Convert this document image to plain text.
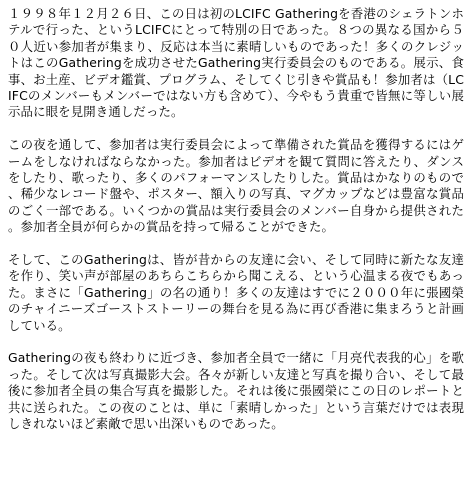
１９９８年１２月２６日、この日は初のLCIFC Gatheringを香港のシェラトンホテルで行った、というLCIFCにとって特別の日であった。８つの異なる国から５０人近い参加者が集まり、反応は本当に素晴しいものであった！多くのクレジットはこのGatheringを成功させたGathering実行委員会のものである。展示、食事、お土産、ビデオ鑑賞、プログラム、そしてくじ引きや賞品も！参加者は（LCIFCのメンバーもメンバーではない方も含めて）、今やもう貴重で皆無に等しい展示品に眼を見開き通しだった。

この夜を通して、参加者は実行委員会によって準備された賞品を獲得するにはゲームをしなければならなかった。参加者はビデオを観て質問に答えたり、ダンスをしたり、歌ったり、多くのパフォーマンスしたりした。賞品はかなりのもので、稀少なレコード盤や、ポスター、額入りの写真、マグカップなどは豊富な賞品のごく一部である。いくつかの賞品は実行委員会のメンバー自身から提供された。参加者全員が何らかの賞品を持って帰ることができた。

そして、このGatheringは、皆が昔からの友達に会い、そして同時に新たな友達を作り、笑い声が部屋のあちらこちらから聞こえる、という心温まる夜でもあった。まさに「Gathering」の名の通り！多くの友達はすでに２０００年に張國榮のチャイニーズゴーストストーリーの舞台を見る為に再び香港に集まろうと計画している。

Gatheringの夜も終わりに近づき、参加者全員で一緒に「月亮代表我的心」を歌った。そして次は写真撮影大会。各々が新しい友達と写真を撮り合い、そして最後に参加者全員の集合写真を撮影した。それは後に張國榮にこの日のレポートと共に送られた。この夜のことは、単に「素晴しかった」という言葉だけでは表現しきれないほど素敵で思い出深いものであった。
